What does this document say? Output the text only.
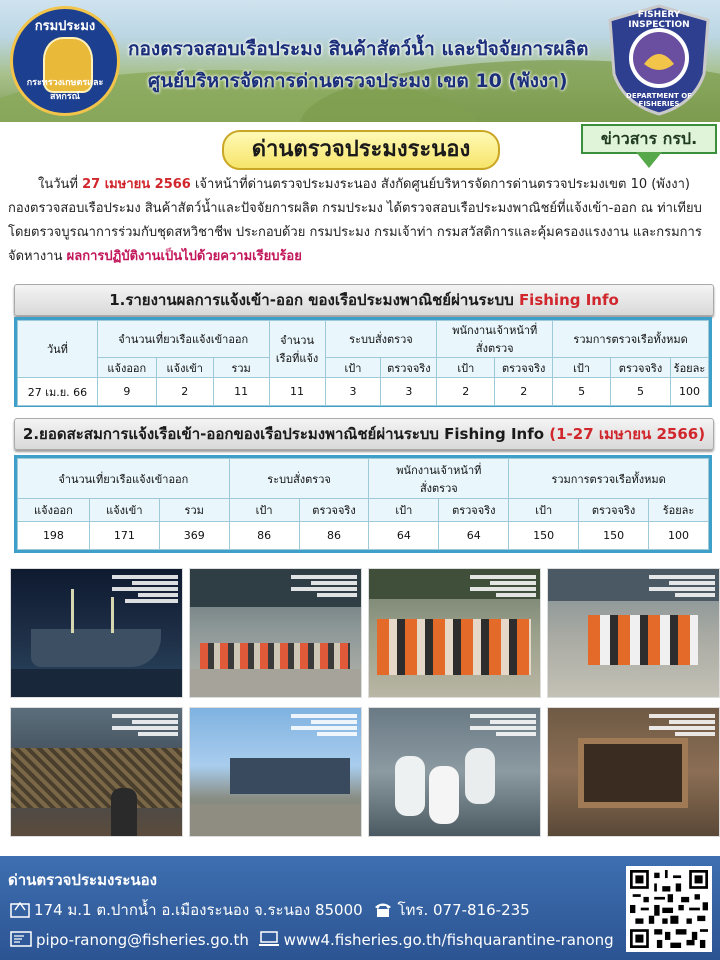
กรมประมง
กระทรวงเกษตรและสหกรณ์
กองตรวจสอบเรือประมง สินค้าสัตว์น้ำ และปัจจัยการผลิต
ศูนย์บริหารจัดการด่านตรวจประมง เขต 10 (พังงา)
FISHERY INSPECTION
DEPARTMENT OF FISHERIES
ด่านตรวจประมงระนอง	ข่าวสาร กรป.
ในวันที่ 27 เมษายน 2566 เจ้าหน้าที่ด่านตรวจประมงระนอง สังกัดศูนย์บริหารจัดการด่านตรวจประมงเขต 10 (พังงา) กองตรวจสอบเรือประมง สินค้าสัตว์น้ำและปัจจัยการผลิต กรมประมง ได้ตรวจสอบเรือประมงพาณิชย์ที่แจ้งเข้า-ออก ณ ท่าเทียบ โดยตรวจบูรณาการร่วมกับชุดสหวิชาชีพ ประกอบด้วย กรมประมง กรมเจ้าท่า กรมสวัสดิการและคุ้มครองแรงงาน และกรมการจัดหางาน ผลการปฏิบัติงานเป็นไปด้วยความเรียบร้อย
1.รายงานผลการแจ้งเข้า-ออก ของเรือประมงพาณิชย์ผ่านระบบ Fishing Info
วันที่	จำนวนเที่ยวเรือแจ้งเข้าออก			จำนวน
เรือที่แจ้ง	ระบบสั่งตรวจ		พนักงานเจ้าหน้าที่
สั่งตรวจ		รวมการตรวจเรือทั้งหมด		
	แจ้งออก	แจ้งเข้า	รวม		เป้า	ตรวจจริง	เป้า	ตรวจจริง	เป้า	ตรวจจริง	ร้อยละ
27 เม.ย. 66	9	2	11	11	3	3	2	2	5	5	100
2.ยอดสะสมการแจ้งเรือเข้า-ออกของเรือประมงพาณิชย์ผ่านระบบ Fishing Info (1-27 เมษายน 2566)
จำนวนเที่ยวเรือแจ้งเข้าออก			ระบบสั่งตรวจ		พนักงานเจ้าหน้าที่
สั่งตรวจ		รวมการตรวจเรือทั้งหมด		
แจ้งออก	แจ้งเข้า	รวม	เป้า	ตรวจจริง	เป้า	ตรวจจริง	เป้า	ตรวจจริง	ร้อยละ
198	171	369	86	86	64	64	150	150	100
ด่านตรวจประมงระนอง
174 ม.1 ต.ปากน้ำ อ.เมืองระนอง จ.ระนอง 85000 โทร. 077-816-235
pipo-ranong@fisheries.go.th www4.fisheries.go.th/fishquarantine-ranong
